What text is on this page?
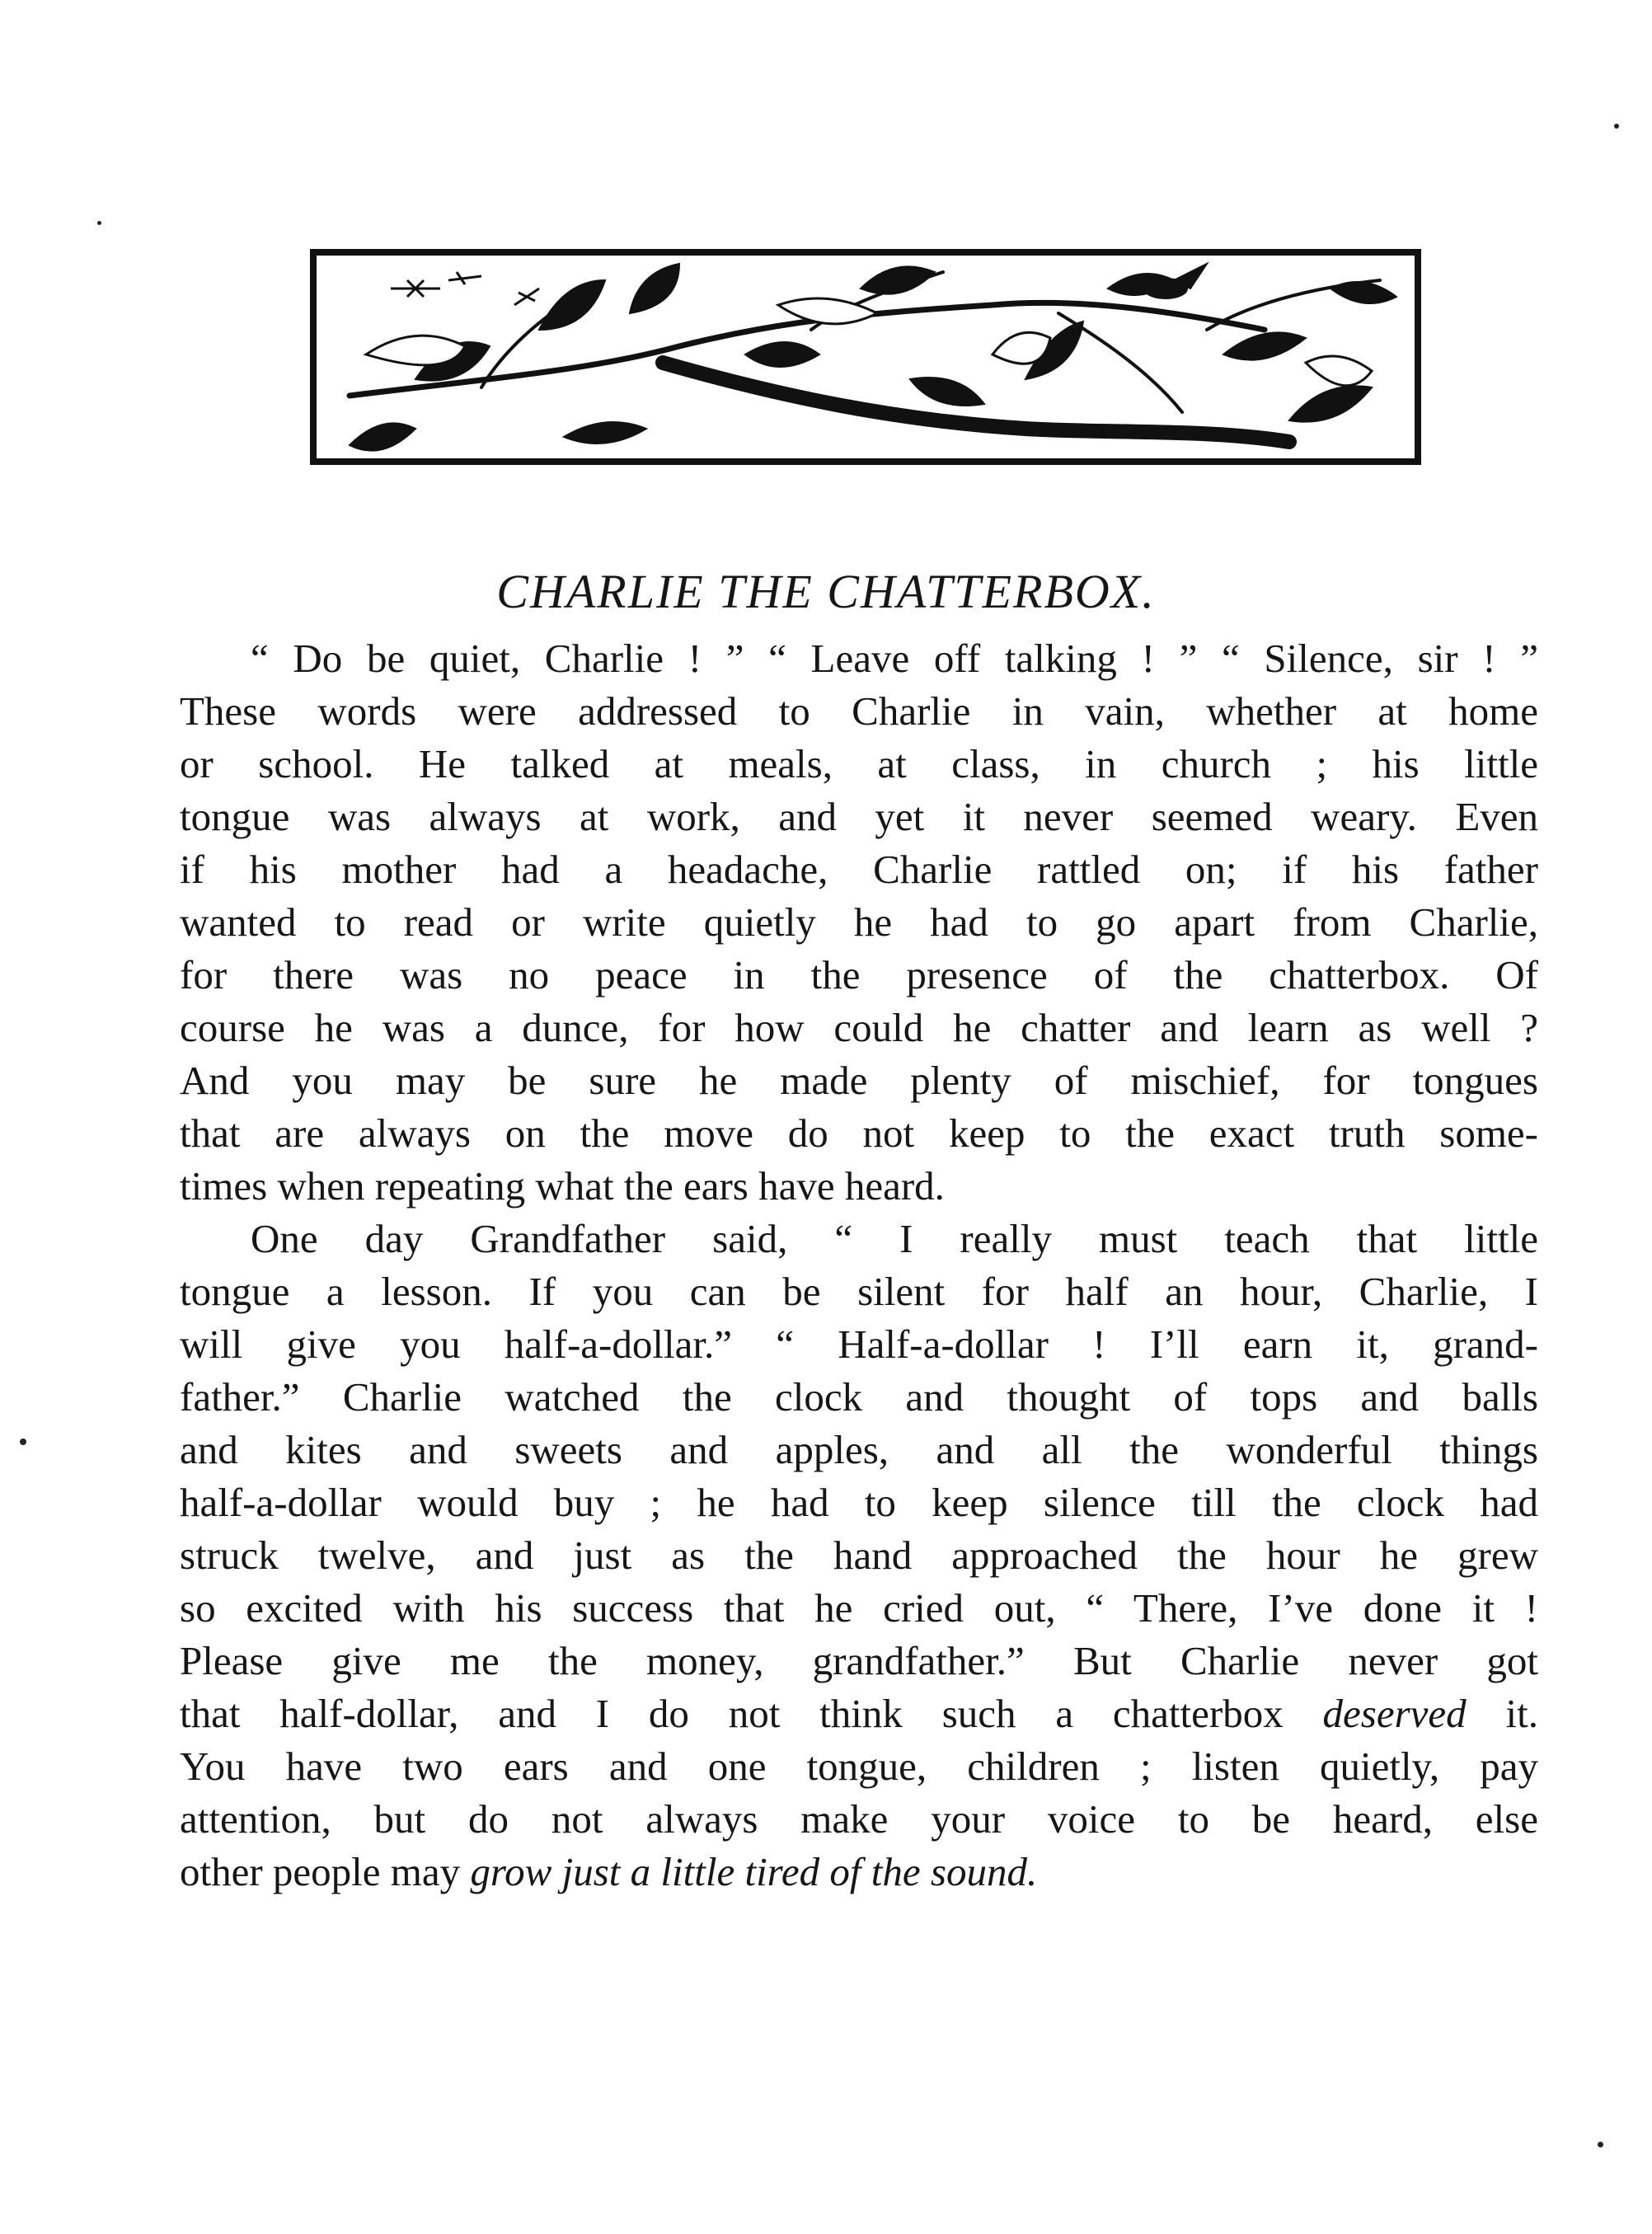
CHARLIE THE CHATTERBOX.

“ Do be quiet, Charlie ! ” “ Leave off talking ! ” “ Silence, sir ! ”

These words were addressed to Charlie in vain, whether at home

or school. He talked at meals, at class, in church ; his little

tongue was always at work, and yet it never seemed weary. Even

if his mother had a headache, Charlie rattled on; if his father

wanted to read or write quietly he had to go apart from Charlie,

for there was no peace in the presence of the chatterbox. Of

course he was a dunce, for how could he chatter and learn as well ?

And you may be sure he made plenty of mischief, for tongues

that are always on the move do not keep to the exact truth some-

times when repeating what the ears have heard.

One day Grandfather said, “ I really must teach that little

tongue a lesson. If you can be silent for half an hour, Charlie, I

will give you half-a-dollar.” “ Half-a-dollar ! I’ll earn it, grand-

father.” Charlie watched the clock and thought of tops and balls

and kites and sweets and apples, and all the wonderful things

half-a-dollar would buy ; he had to keep silence till the clock had

struck twelve, and just as the hand approached the hour he grew

so excited with his success that he cried out, “ There, I’ve done it !

Please give me the money, grandfather.” But Charlie never got

that half-dollar, and I do not think such a chatterbox deserved it.

You have two ears and one tongue, children ; listen quietly, pay

attention, but do not always make your voice to be heard, else

other people may grow just a little tired of the sound.
